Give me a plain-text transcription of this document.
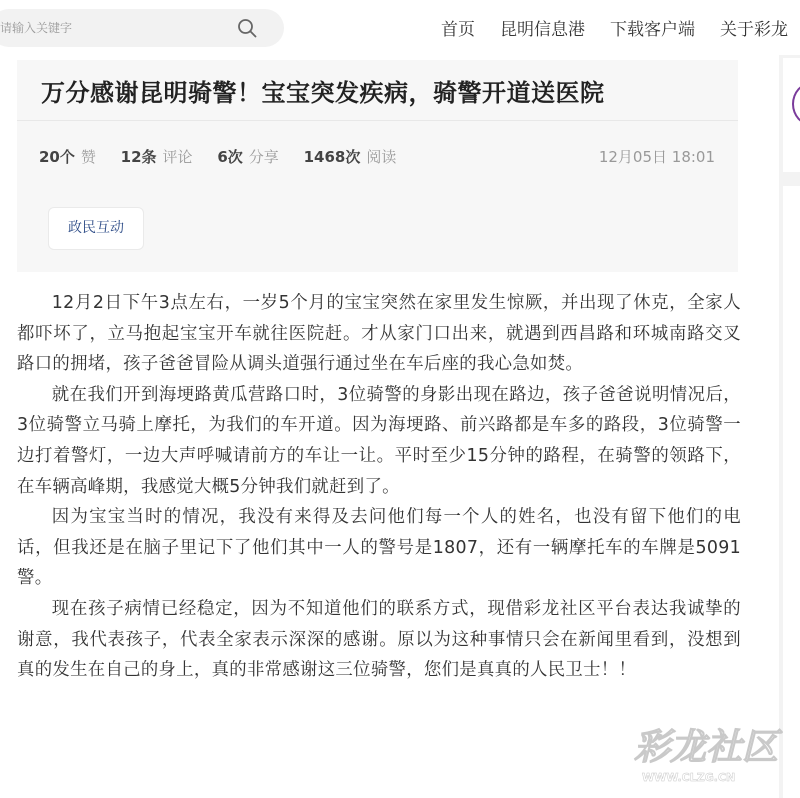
请输入关键字
首页 昆明信息港 下载客户端 关于彩龙
万分感谢昆明骑警！宝宝突发疾病，骑警开道送医院
20个 赞 12条 评论 6次 分享 1468次 阅读	12月05日 18:01
政民互动

12月2日下午3点左右，一岁5个月的宝宝突然在家里发生惊厥，并出现了休克，全家人都吓坏了，立马抱起宝宝开车就往医院赶。才从家门口出来，就遇到西昌路和环城南路交叉路口的拥堵，孩子爸爸冒险从调头道强行通过坐在车后座的我心急如焚。

就在我们开到海埂路黄瓜营路口时，3位骑警的身影出现在路边，孩子爸爸说明情况后，3位骑警立马骑上摩托，为我们的车开道。因为海埂路、前兴路都是车多的路段，3位骑警一边打着警灯，一边大声呼喊请前方的车让一让。平时至少15分钟的路程，在骑警的领路下，在车辆高峰期，我感觉大概5分钟我们就赶到了。

因为宝宝当时的情况，我没有来得及去问他们每一个人的姓名，也没有留下他们的电话，但我还是在脑子里记下了他们其中一人的警号是1807，还有一辆摩托车的车牌是5091警。

现在孩子病情已经稳定，因为不知道他们的联系方式，现借彩龙社区平台表达我诚挚的谢意，我代表孩子，代表全家表示深深的感谢。原以为这种事情只会在新闻里看到，没想到真的发生在自己的身上，真的非常感谢这三位骑警，您们是真真的人民卫士！！

彩龙社区
WWW.CLZG.CN
